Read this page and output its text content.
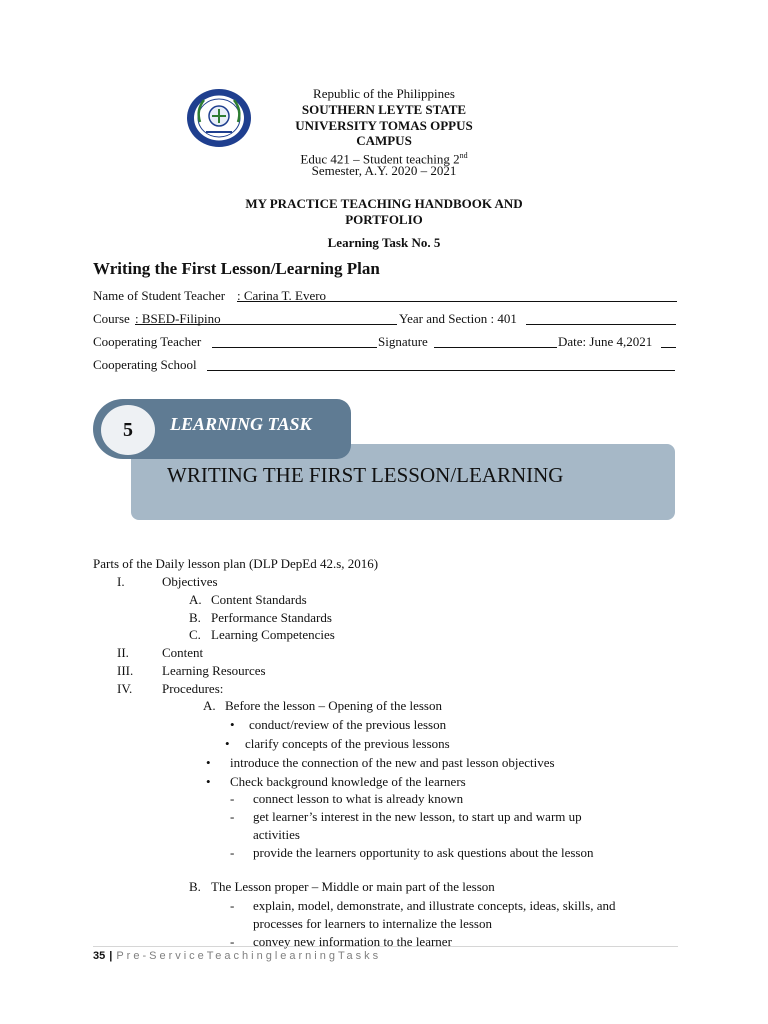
Republic of the Philippines
SOUTHERN LEYTE STATE
UNIVERSITY TOMAS OPPUS
CAMPUS
Educ 421 – Student teaching 2nd
Semester, A.Y. 2020 – 2021
MY PRACTICE TEACHING HANDBOOK AND
PORTFOLIO
Learning Task No. 5
Writing the First Lesson/Learning Plan
Name of Student Teacher : Carina T. Evero
Course : BSED-Filipino	Year and Section : 401
Cooperating Teacher	Signature	Date: June 4,2021
Cooperating School
5	LEARNING TASK
WRITING THE FIRST LESSON/LEARNING
Parts of the Daily lesson plan (DLP DepEd 42.s, 2016)
I.	Objectives
A. Content Standards
B. Performance Standards
C. Learning Competencies
II.	Content
III. Learning Resources
IV. Procedures:
A. Before the lesson – Opening of the lesson
• conduct/review of the previous lesson
• clarify concepts of the previous lessons
• introduce the connection of the new and past lesson objectives
• Check background knowledge of the learners
- connect lesson to what is already known
- get learner’s interest in the new lesson, to start up and warm up
activities
- provide the learners opportunity to ask questions about the lesson
B. The Lesson proper – Middle or main part of the lesson
- explain, model, demonstrate, and illustrate concepts, ideas, skills, and
processes for learners to internalize the lesson
- convey new information to the learner
35 | Pre-ServiceTeachinglearningTasks
